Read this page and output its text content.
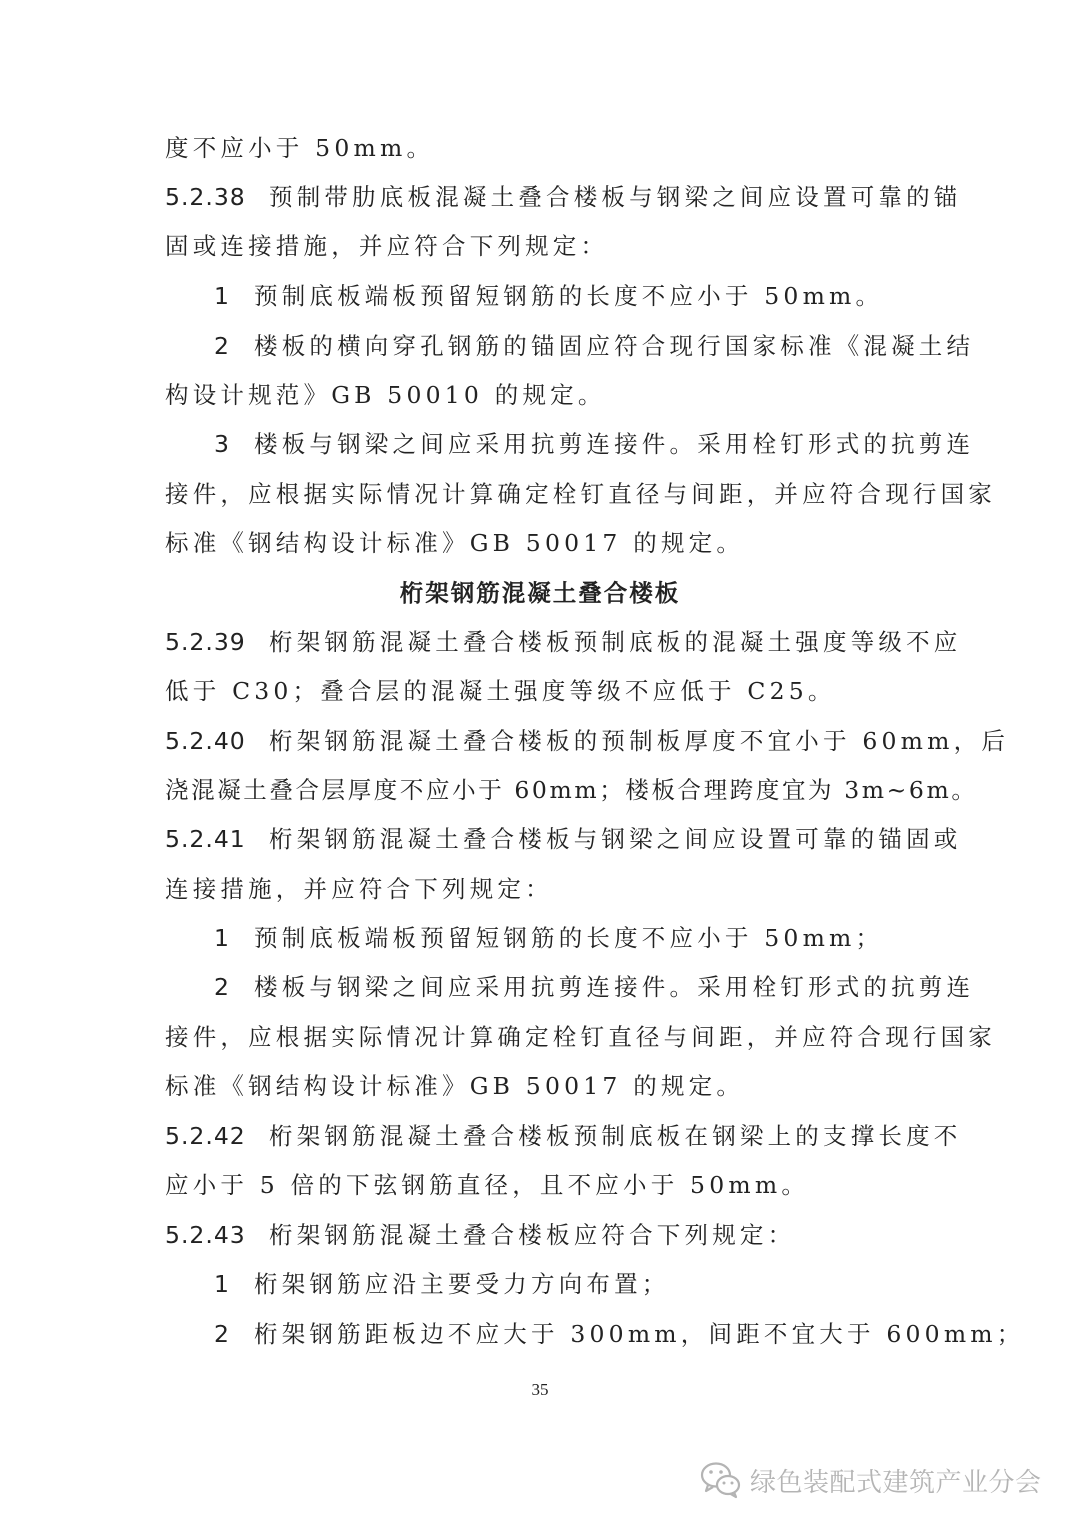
度不应小于 50mm。
5.2.38 预制带肋底板混凝土叠合楼板与钢梁之间应设置可靠的锚
固或连接措施，并应符合下列规定：
1 预制底板端板预留短钢筋的长度不应小于 50mm。
2 楼板的横向穿孔钢筋的锚固应符合现行国家标准《混凝土结
构设计规范》GB 50010 的规定。
3 楼板与钢梁之间应采用抗剪连接件。采用栓钉形式的抗剪连
接件，应根据实际情况计算确定栓钉直径与间距，并应符合现行国家
标准《钢结构设计标准》GB 50017 的规定。
桁架钢筋混凝土叠合楼板
5.2.39 桁架钢筋混凝土叠合楼板预制底板的混凝土强度等级不应
低于 C30；叠合层的混凝土强度等级不应低于 C25。
5.2.40 桁架钢筋混凝土叠合楼板的预制板厚度不宜小于 60mm，后
浇混凝土叠合层厚度不应小于 60mm；楼板合理跨度宜为 3m~6m。
5.2.41 桁架钢筋混凝土叠合楼板与钢梁之间应设置可靠的锚固或
连接措施，并应符合下列规定：
1 预制底板端板预留短钢筋的长度不应小于 50mm；
2 楼板与钢梁之间应采用抗剪连接件。采用栓钉形式的抗剪连
接件，应根据实际情况计算确定栓钉直径与间距，并应符合现行国家
标准《钢结构设计标准》GB 50017 的规定。
5.2.42 桁架钢筋混凝土叠合楼板预制底板在钢梁上的支撑长度不
应小于 5 倍的下弦钢筋直径，且不应小于 50mm。
5.2.43 桁架钢筋混凝土叠合楼板应符合下列规定：
1 桁架钢筋应沿主要受力方向布置；
2 桁架钢筋距板边不应大于 300mm，间距不宜大于 600mm；
35
绿色装配式建筑产业分会
